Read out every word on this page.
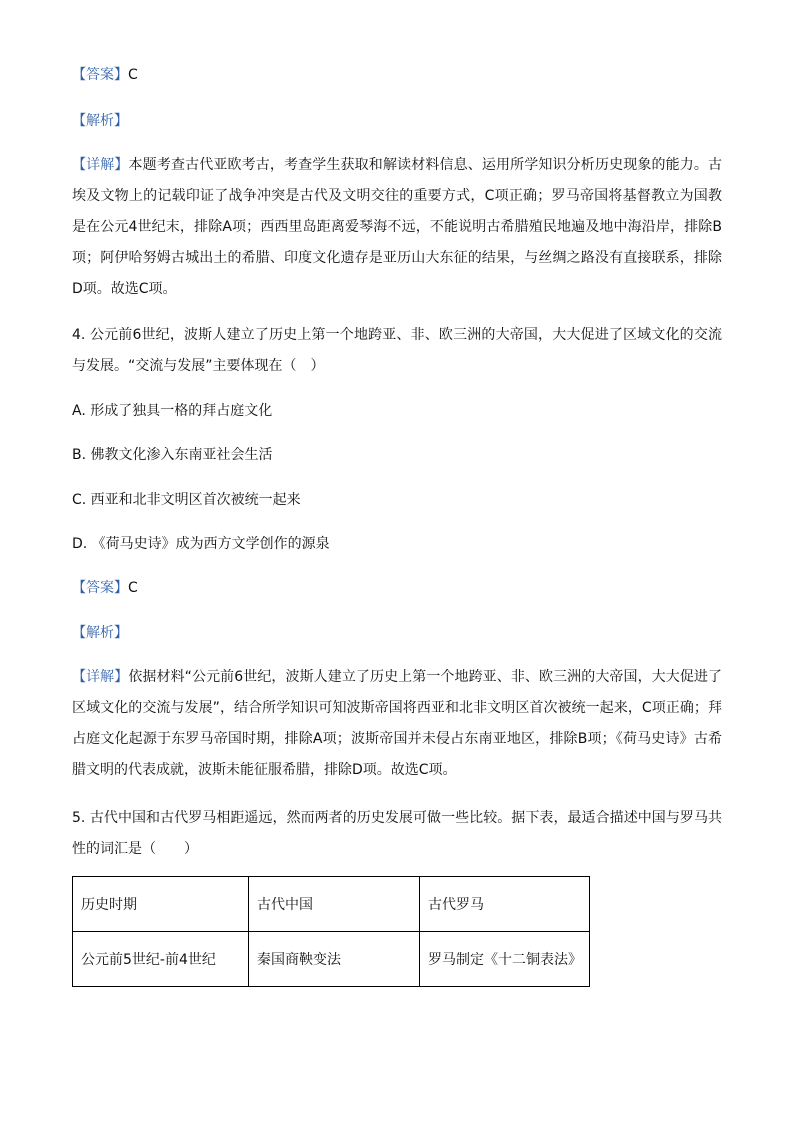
【答案】C
【解析】
【详解】本题考查古代亚欧考古，考查学生获取和解读材料信息、运用所学知识分析历史现象的能力。古埃及文物上的记载印证了战争冲突是古代及文明交往的重要方式，C项正确；罗马帝国将基督教立为国教是在公元4世纪末，排除A项；西西里岛距离爱琴海不远，不能说明古希腊殖民地遍及地中海沿岸，排除B项；阿伊哈努姆古城出土的希腊、印度文化遗存是亚历山大东征的结果，与丝绸之路没有直接联系，排除D项。故选C项。
4. 公元前6世纪，波斯人建立了历史上第一个地跨亚、非、欧三洲的大帝国，大大促进了区域文化的交流与发展。“交流与发展”主要体现在（　）
A. 形成了独具一格的拜占庭文化
B. 佛教文化渗入东南亚社会生活
C. 西亚和北非文明区首次被统一起来
D. 《荷马史诗》成为西方文学创作的源泉
【答案】C
【解析】
【详解】依据材料“公元前6世纪，波斯人建立了历史上第一个地跨亚、非、欧三洲的大帝国，大大促进了区域文化的交流与发展”，结合所学知识可知波斯帝国将西亚和北非文明区首次被统一起来，C项正确；拜占庭文化起源于东罗马帝国时期，排除A项；波斯帝国并未侵占东南亚地区，排除B项；《荷马史诗》古希腊文明的代表成就，波斯未能征服希腊，排除D项。故选C项。
5. 古代中国和古代罗马相距遥远，然而两者的历史发展可做一些比较。据下表，最适合描述中国与罗马共性的词汇是（　　）
历史时期	古代中国	古代罗马
公元前5世纪-前4世纪	秦国商鞅变法	罗马制定《十二铜表法》
